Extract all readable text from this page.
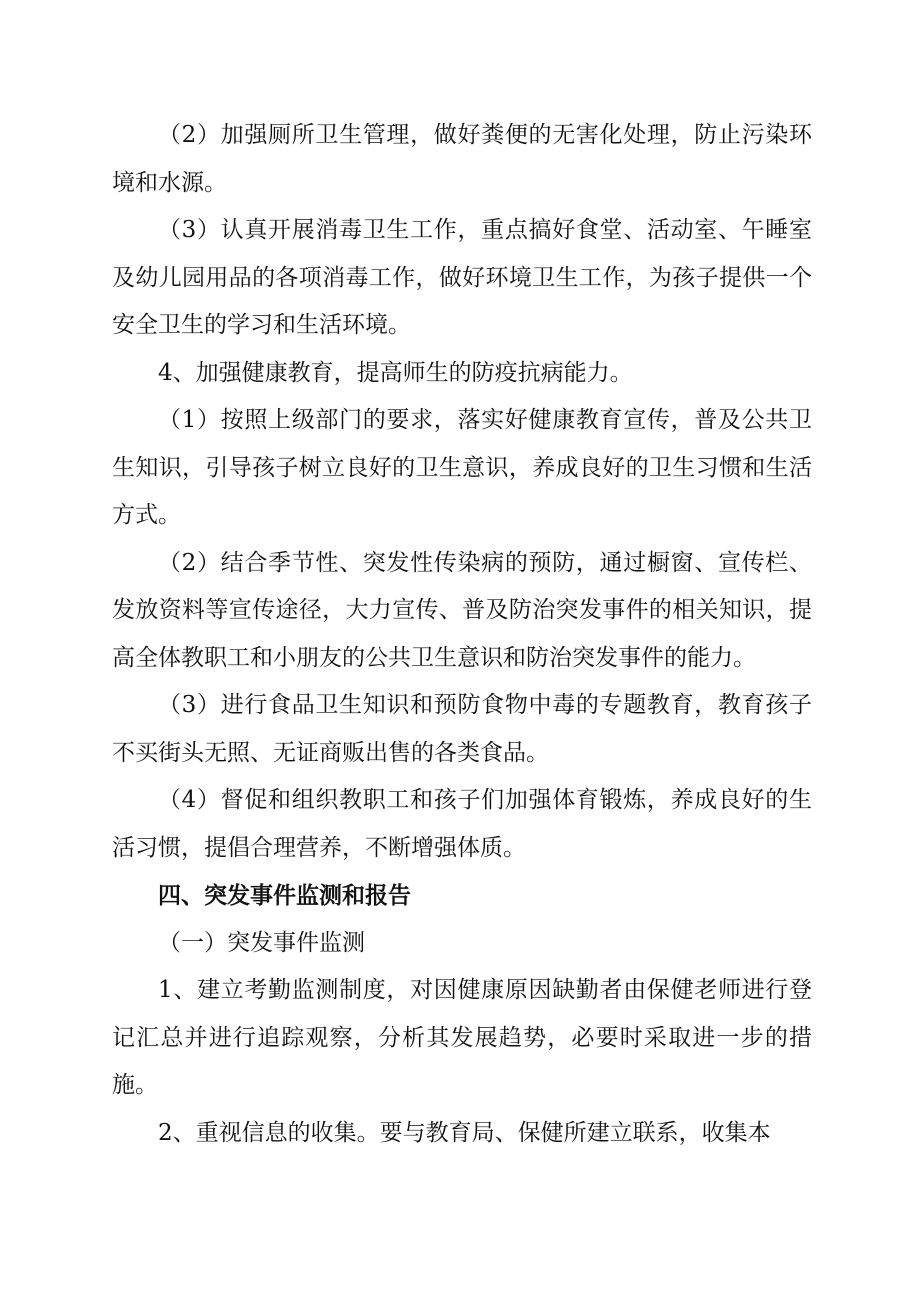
（2）加强厕所卫生管理，做好粪便的无害化处理，防止污染环境和水源。

（3）认真开展消毒卫生工作，重点搞好食堂、活动室、午睡室及幼儿园用品的各项消毒工作，做好环境卫生工作，为孩子提供一个安全卫生的学习和生活环境。

4、加强健康教育，提高师生的防疫抗病能力。

（1）按照上级部门的要求，落实好健康教育宣传，普及公共卫生知识，引导孩子树立良好的卫生意识，养成良好的卫生习惯和生活方式。

（2）结合季节性、突发性传染病的预防，通过橱窗、宣传栏、发放资料等宣传途径，大力宣传、普及防治突发事件的相关知识，提高全体教职工和小朋友的公共卫生意识和防治突发事件的能力。

（3）进行食品卫生知识和预防食物中毒的专题教育，教育孩子不买街头无照、无证商贩出售的各类食品。

（4）督促和组织教职工和孩子们加强体育锻炼，养成良好的生活习惯，提倡合理营养，不断增强体质。

四、突发事件监测和报告

（一）突发事件监测

1、建立考勤监测制度，对因健康原因缺勤者由保健老师进行登记汇总并进行追踪观察，分析其发展趋势，必要时采取进一步的措施。

2、重视信息的收集。要与教育局、保健所建立联系，收集本
